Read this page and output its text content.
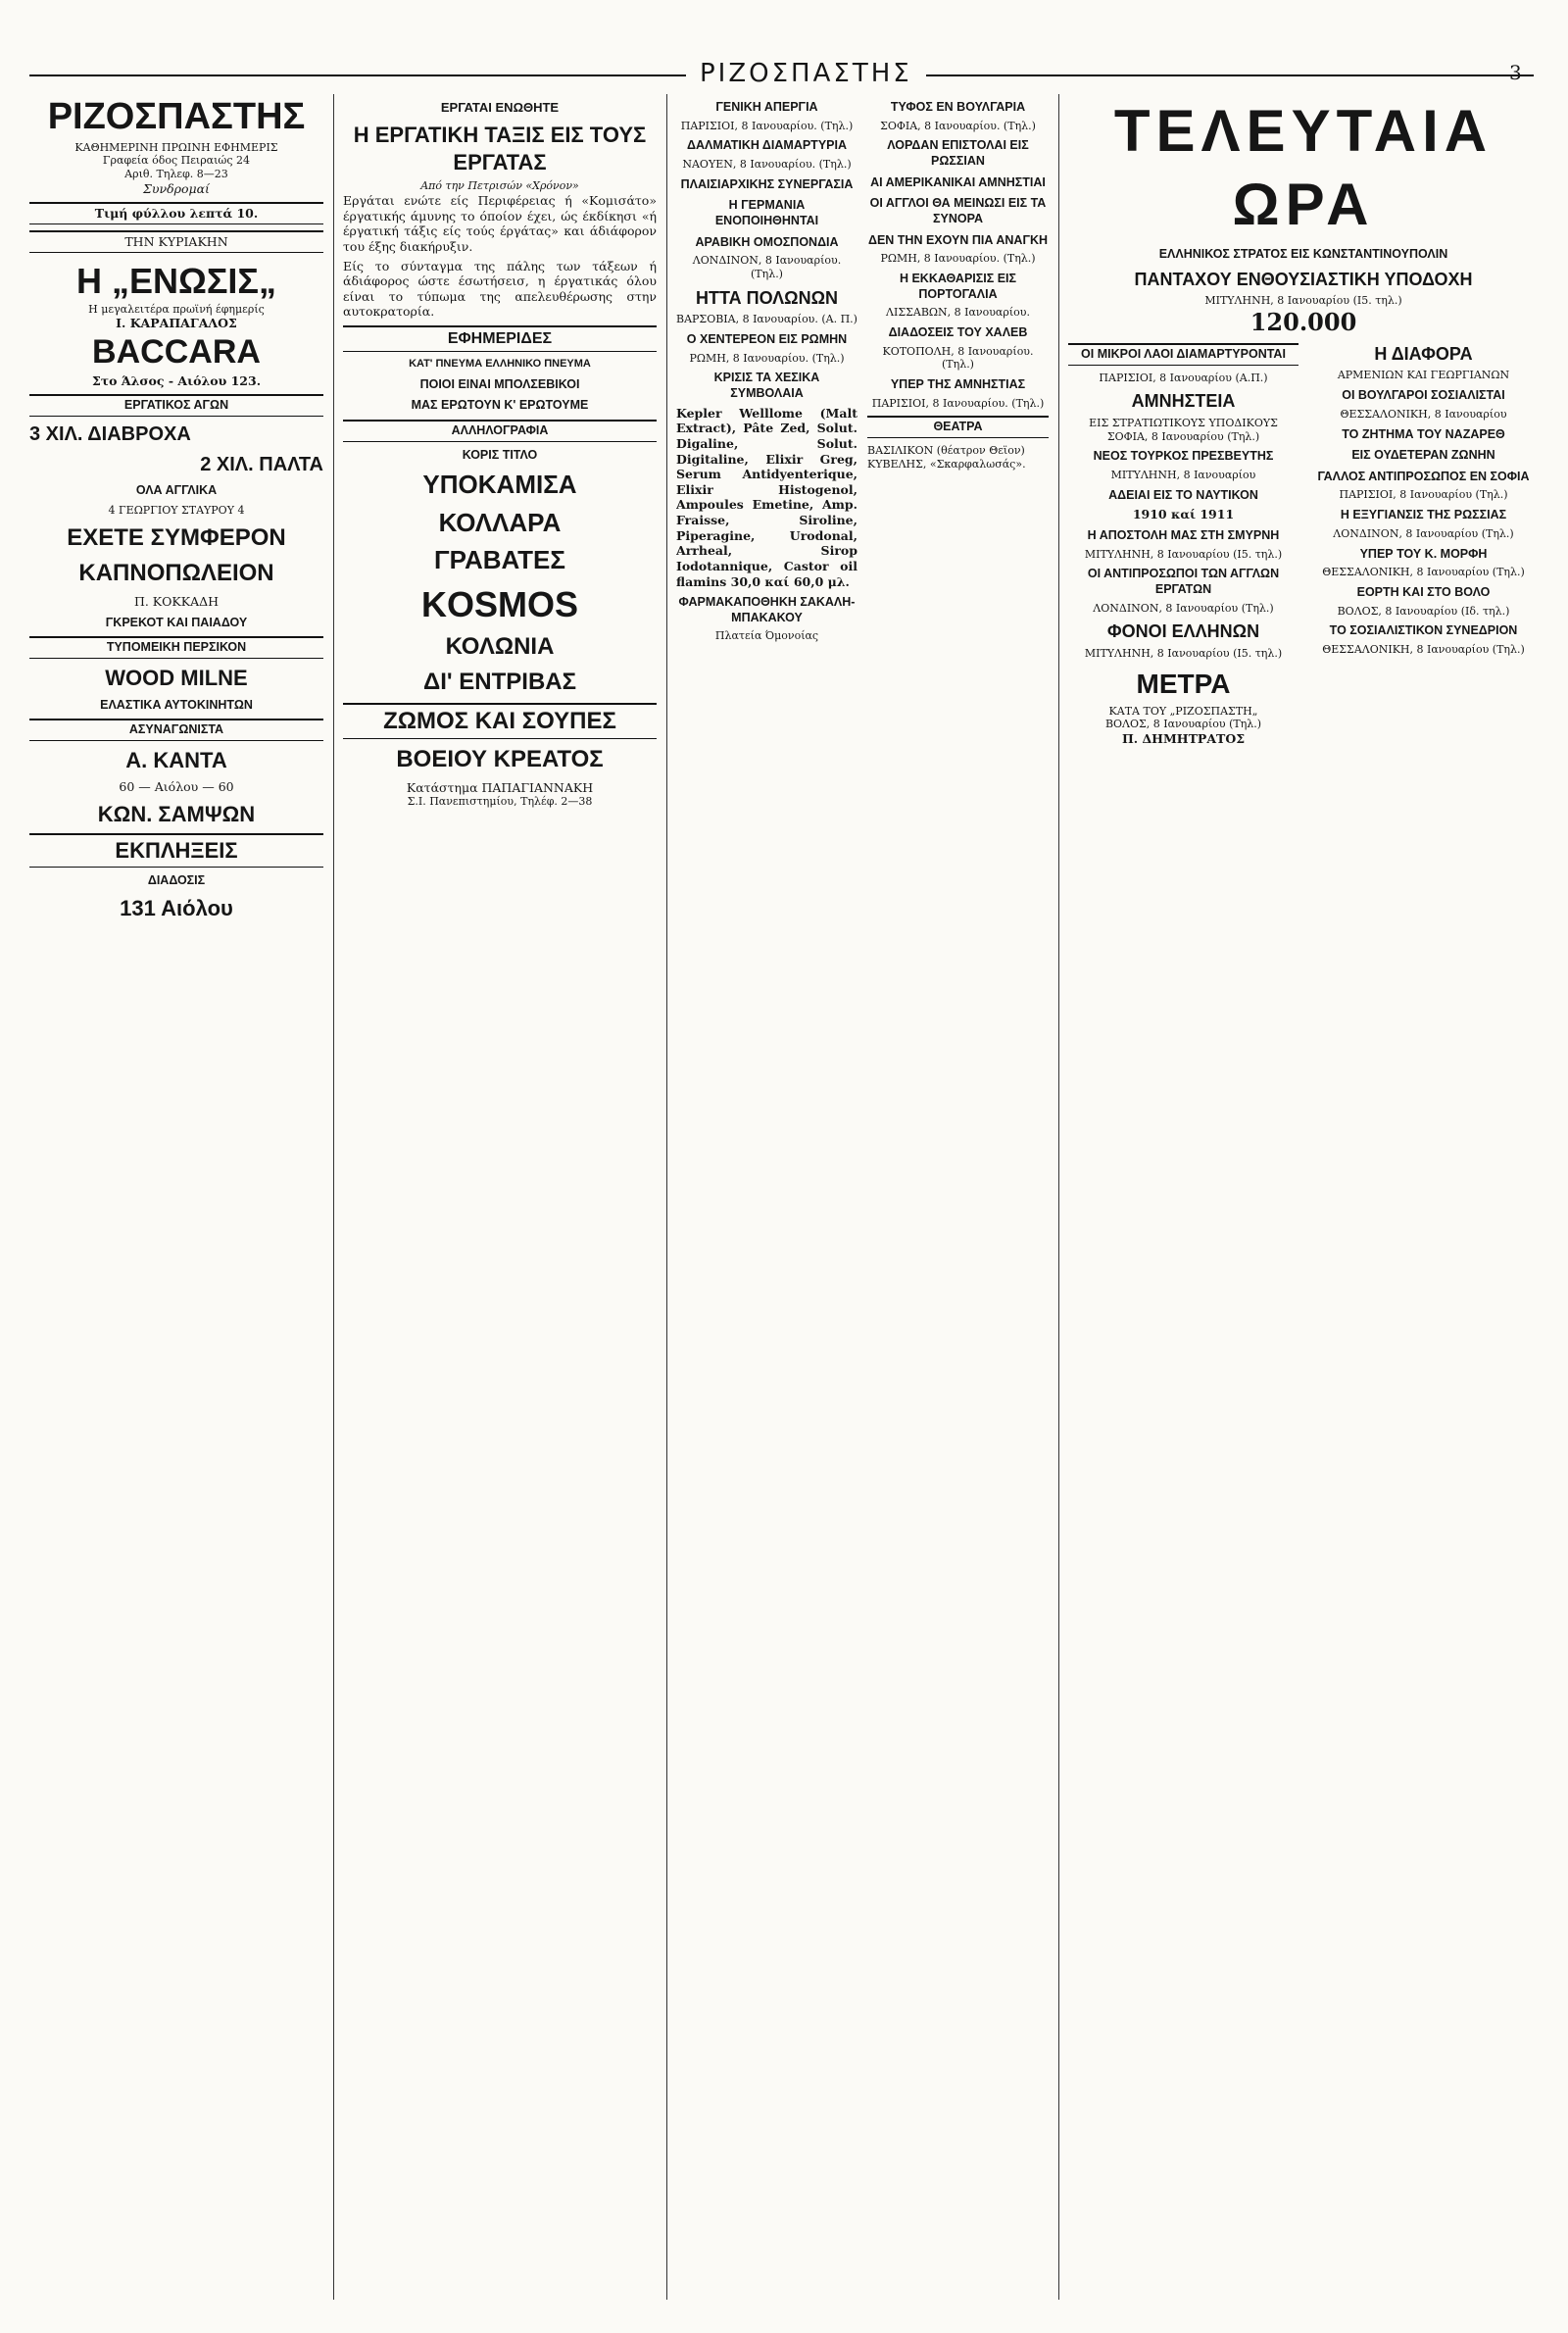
ΡΙΖΟΣΠΑΣΤΗΣ	3
ΡΙΖΟΣΠΑΣΤΗΣ
ΚΑΘΗΜΕΡΙΝΗ ΠΡΩΙΝΗ ΕΦΗΜΕΡΙΣ
Γραφεία όδος Πειραιώς 24
Αριθ. Τηλεφ. 8—23
Συνδρομαί
Τιμή φύλλου λεπτά 10.
ΤΗΝ ΚΥΡΙΑΚΗΝ
Η „ΕΝΩΣΙΣ„
Η μεγαλειτέρα πρωϊνή έφημερίς
Ι. ΚΑΡΑΠΑΓΑΛΟΣ
BACCARA
Στο Άλσος - Αιόλου 123.
ΕΡΓΑΤΙΚΟΣ ΑΓΩΝ
3 ΧΙΛ. ΔΙΑΒΡΟΧΑ
2 ΧΙΛ. ΠΑΛΤΑ
ΟΛΑ ΑΓΓΛΙΚΑ
4 ΓΕΩΡΓΙΟΥ ΣΤΑΥΡΟΥ 4
ΕΧΕΤΕ ΣΥΜΦΕΡΟΝ
ΚΑΠΝΟΠΩΛΕΙΟΝ
Π. ΚΟΚΚΑΔΗ
ΓΚΡΕΚΟΤ ΚΑΙ ΠΑΙΑΔΟΥ
ΤΥΠΟΜΕΙΚΗ ΠΕΡΣΙΚΟΝ
WOOD MILNE
ΕΛΑΣΤΙΚΑ ΑΥΤΟΚΙΝΗΤΩΝ
ΑΣΥΝΑΓΩΝΙΣΤΑ
Α. ΚΑΝΤΑ
60 — Αιόλου — 60
ΚΩΝ. ΣΑΜΨΩΝ
ΕΚΠΛΗΞΕΙΣ
ΔΙΑΔΟΣΙΣ
131 Αιόλου
ΕΡΓΑΤΑΙ ΕΝΩΘΗΤΕ
Η ΕΡΓΑΤΙΚΗ ΤΑΞΙΣ ΕΙΣ ΤΟΥΣ ΕΡΓΑΤΑΣ
Από την Πετρισών «Χρόνον»

Εργάται ενώτε είς Περιφέρειας ή «Κομισάτο» έργατικής άμυνης το όποίον έχει, ώς έκδίκησι «ή έργατική τάξις είς τούς έργάτας» και άδιάφορον του έξης διακήρυξιν.

Είς το σύνταγμα της πάλης των τάξεων ή άδιάφορος ώστε έσωτήσεισ, η έργατικάς όλου είναι το τύπωμα της απελευθέρωσης στην αυτοκρατορία.

ΕΦΗΜΕΡΙΔΕΣ
ΚΑΤ' ΠΝΕΥΜΑ ΕΛΛΗΝΙΚΟ ΠΝΕΥΜΑ
ΠΟΙΟΙ ΕΙΝΑΙ ΜΠΟΛΣΕΒΙΚΟΙ
ΜΑΣ ΕΡΩΤΟΥΝ Κ' ΕΡΩΤΟΥΜΕ
ΑΛΛΗΛΟΓΡΑΦΙΑ
ΚΟΡΙΣ ΤΙΤΛΟ
ΥΠΟΚΑΜΙΣΑ
ΚΟΛΛΑΡΑ
ΓΡΑΒΑΤΕΣ
KOSMOS
ΚΟΛΩΝΙΑ
ΔΙ' ΕΝΤΡΙΒΑΣ
ΖΩΜΟΣ ΚΑΙ ΣΟΥΠΕΣ
ΒΟΕΙΟΥ ΚΡΕΑΤΟΣ
Κατάστημα ΠΑΠΑΓΙΑΝΝΑΚΗ
Σ.Ι. Πανεπιστημίου, Τηλέφ. 2—38
ΓΕΝΙΚΗ ΑΠΕΡΓΙΑ
ΠΑΡΙΣΙΟΙ, 8 Ιανουαρίου. (Τηλ.)
ΔΑΛΜΑΤΙΚΗ ΔΙΑΜΑΡΤΥΡΙΑ
ΝΑΟΥΕΝ, 8 Ιανουαρίου. (Τηλ.)
ΠΛΑΙΣΙΑΡΧΙΚΗΣ ΣΥΝΕΡΓΑΣΙΑ
Η ΓΕΡΜΑΝΙΑ ΕΝΟΠΟΙΗΘΗΝΤΑΙ
ΑΡΑΒΙΚΗ ΟΜΟΣΠΟΝΔΙΑ
ΛΟΝΔΙΝΟΝ, 8 Ιανουαρίου. (Τηλ.)
ΗΤΤΑ ΠΟΛΩΝΩΝ
ΒΑΡΣΟΒΙΑ, 8 Ιανουαρίου. (Α. Π.)
Ο ΧΕΝΤΕΡΕΟΝ ΕΙΣ ΡΩΜΗΝ
ΡΩΜΗ, 8 Ιανουαρίου. (Τηλ.)
ΚΡΙΣΙΣ ΤΑ ΧΕΣΙΚΑ ΣΥΜΒΟΛΑΙΑ

Kepler Welllome (Malt Extract), Pâte Zed, Solut. Digaline, Solut. Digitaline, Elixir Greg, Serum Antidyenterique, Elixir Histogenol, Ampoules Emetine, Amp. Fraisse, Siroline, Piperagine, Urodonal, Arrheal, Sirop Iodotannique, Castor oil flamins 30,0 καί 60,0 μλ.

ΦΑΡΜΑΚΑΠΟΘΗΚΗ ΣΑΚΑΛΗ-ΜΠΑΚΑΚΟΥ
Πλατεία Όμονοίας
ΤΥΦΟΣ ΕΝ ΒΟΥΛΓΑΡΙΑ
ΣΟΦΙΑ, 8 Ιανουαρίου. (Τηλ.)
ΛΟΡΔΑΝ ΕΠΙΣΤΟΛΑΙ ΕΙΣ ΡΩΣΣΙΑΝ
ΑΙ ΑΜΕΡΙΚΑΝΙΚΑΙ ΑΜΝΗΣΤΙΑΙ
ΟΙ ΑΓΓΛΟΙ ΘΑ ΜΕΙΝΩΣΙ ΕΙΣ ΤΑ ΣΥΝΟΡΑ
ΔΕΝ ΤΗΝ ΕΧΟΥΝ ΠΙΑ ΑΝΑΓΚΗ
ΡΩΜΗ, 8 Ιανουαρίου. (Τηλ.)
Η ΕΚΚΑΘΑΡΙΣΙΣ ΕΙΣ ΠΟΡΤΟΓΑΛΙΑ
ΛΙΣΣΑΒΩΝ, 8 Ιανουαρίου.
ΔΙΑΔΟΣΕΙΣ ΤΟΥ ΧΑΛΕΒ
ΚΟΤΟΠΟΛΗ, 8 Ιανουαρίου. (Τηλ.)
ΥΠΕΡ ΤΗΣ ΑΜΝΗΣΤΙΑΣ
ΠΑΡΙΣΙΟΙ, 8 Ιανουαρίου. (Τηλ.)
ΘΕΑΤΡΑ
ΒΑΣΙΛΙΚΟΝ (θέατρον Θεϊον)
ΚΥΒΕΛΗΣ, «Σκαρφαλωσάς».
ΤΕΛΕΥΤΑΙΑ ΩΡΑ
ΕΛΛΗΝΙΚΟΣ ΣΤΡΑΤΟΣ ΕΙΣ ΚΩΝΣΤΑΝΤΙΝΟΥΠΟΛΙΝ
ΠΑΝΤΑΧΟΥ ΕΝΘΟΥΣΙΑΣΤΙΚΗ ΥΠΟΔΟΧΗ
ΜΙΤΥΛΗΝΗ, 8 Ιανουαρίου (Ι5. τηλ.)
120.000
ΟΙ ΜΙΚΡΟΙ ΛΑΟΙ ΔΙΑΜΑΡΤΥΡΟΝΤΑΙ
ΠΑΡΙΣΙΟΙ, 8 Ιανουαρίου (Α.Π.)
ΑΜΝΗΣΤΕΙΑ
ΕΙΣ ΣΤΡΑΤΙΩΤΙΚΟΥΣ ΥΠΟΔΙΚΟΥΣ
ΣΟΦΙΑ, 8 Ιανουαρίου (Τηλ.)
ΝΕΟΣ ΤΟΥΡΚΟΣ ΠΡΕΣΒΕΥΤΗΣ
ΜΙΤΥΛΗΝΗ, 8 Ιανουαρίου
ΑΔΕΙΑΙ ΕΙΣ ΤΟ ΝΑΥΤΙΚΟΝ
1910 καί 1911
Η ΑΠΟΣΤΟΛΗ ΜΑΣ ΣΤΗ ΣΜΥΡΝΗ
ΜΙΤΥΛΗΝΗ, 8 Ιανουαρίου (Ι5. τηλ.)
ΟΙ ΑΝΤΙΠΡΟΣΩΠΟΙ ΤΩΝ ΑΓΓΛΩΝ ΕΡΓΑΤΩΝ
ΛΟΝΔΙΝΟΝ, 8 Ιανουαρίου (Τηλ.)
ΦΟΝΟΙ ΕΛΛΗΝΩΝ
ΜΙΤΥΛΗΝΗ, 8 Ιανουαρίου (Ι5. τηλ.)
ΜΕΤΡΑ
ΚΑΤΑ ΤΟΥ „ΡΙΖΟΣΠΑΣΤΗ„
ΒΟΛΟΣ, 8 Ιανουαρίου (Τηλ.)
Π. ΔΗΜΗΤΡΑΤΟΣ
Η ΔΙΑΦΟΡΑ
ΑΡΜΕΝΙΩΝ ΚΑΙ ΓΕΩΡΓΙΑΝΩΝ
ΟΙ ΒΟΥΛΓΑΡΟΙ ΣΟΣΙΑΛΙΣΤΑΙ
ΘΕΣΣΑΛΟΝΙΚΗ, 8 Ιανουαρίου
ΤΟ ΖΗΤΗΜΑ ΤΟΥ ΝΑΖΑΡΕΘ
ΕΙΣ ΟΥΔΕΤΕΡΑΝ ΖΩΝΗΝ
ΓΑΛΛΟΣ ΑΝΤΙΠΡΟΣΩΠΟΣ ΕΝ ΣΟΦΙΑ
ΠΑΡΙΣΙΟΙ, 8 Ιανουαρίου (Τηλ.)
Η ΕΞΥΓΙΑΝΣΙΣ ΤΗΣ ΡΩΣΣΙΑΣ
ΛΟΝΔΙΝΟΝ, 8 Ιανουαρίου (Τηλ.)
ΥΠΕΡ ΤΟΥ Κ. ΜΟΡΦΗ
ΘΕΣΣΑΛΟΝΙΚΗ, 8 Ιανουαρίου (Τηλ.)
ΕΟΡΤΗ ΚΑΙ ΣΤΟ ΒΟΛΟ
ΒΟΛΟΣ, 8 Ιανουαρίου (Ιδ. τηλ.)
ΤΟ ΣΟΣΙΑΛΙΣΤΙΚΟΝ ΣΥΝΕΔΡΙΟΝ
ΘΕΣΣΑΛΟΝΙΚΗ, 8 Ιανουαρίου (Τηλ.)
